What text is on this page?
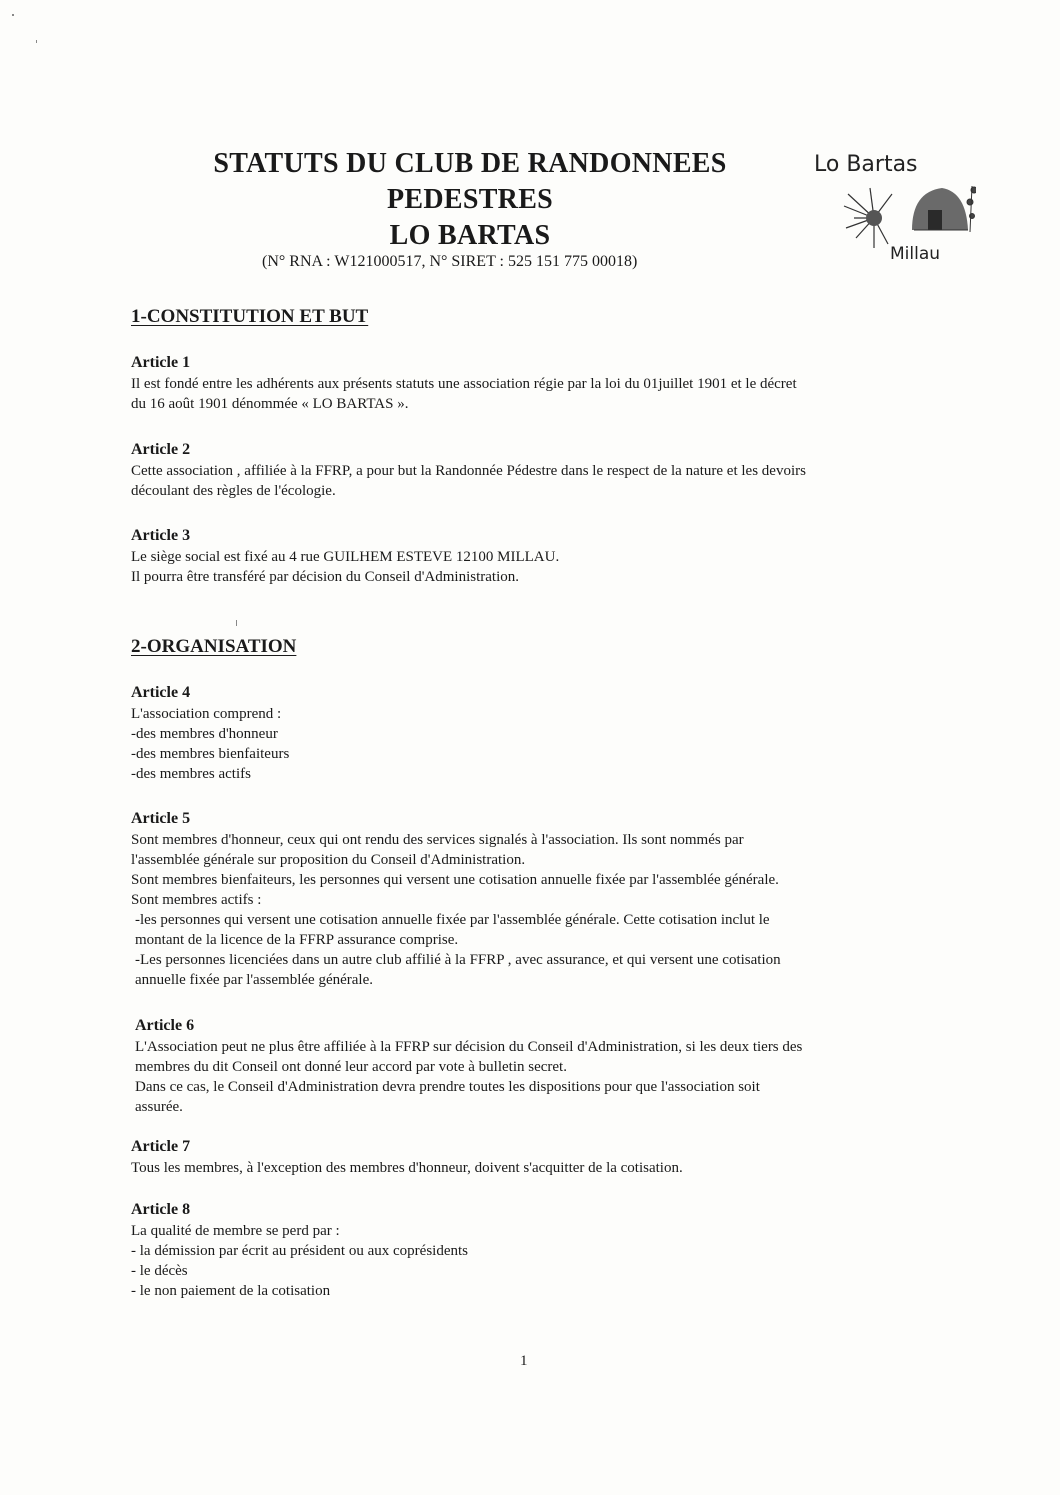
STATUTS DU CLUB DE RANDONNEES
PEDESTRES
LO BARTAS
(N° RNA : W121000517, N° SIRET : 525 151 775 00018)
Lo Bartas
Millau
1-CONSTITUTION ET BUT
Article 1
Il est fondé entre les adhérents aux présents statuts une association régie par la loi du 01juillet 1901 et le décret
du 16 août 1901 dénommée « LO BARTAS ».
Article 2
Cette association , affiliée à la FFRP, a pour but la Randonnée Pédestre dans le respect de la nature et les devoirs
découlant des règles de l'écologie.
Article 3
Le siège social est fixé au 4 rue GUILHEM ESTEVE 12100 MILLAU.
Il pourra être transféré par décision du Conseil d'Administration.
2-ORGANISATION
Article 4
L'association comprend :
-des membres d'honneur
-des membres bienfaiteurs
-des membres actifs
Article 5
Sont membres d'honneur, ceux qui ont rendu des services signalés à l'association. Ils sont nommés par
l'assemblée générale sur proposition du Conseil d'Administration.
Sont membres bienfaiteurs, les personnes qui versent une cotisation annuelle fixée par l'assemblée générale.
Sont membres actifs :
-les personnes qui versent une cotisation annuelle fixée par l'assemblée générale. Cette cotisation inclut le
montant de la licence de la FFRP assurance comprise.
-Les personnes licenciées dans un autre club affilié à la FFRP , avec assurance, et qui versent une cotisation
annuelle fixée par l'assemblée générale.
Article 6
L'Association peut ne plus être affiliée à la FFRP sur décision du Conseil d'Administration, si les deux tiers des
membres du dit Conseil ont donné leur accord par vote à bulletin secret.
Dans ce cas, le Conseil d'Administration devra prendre toutes les dispositions pour que l'association soit
assurée.
Article 7
Tous les membres, à l'exception des membres d'honneur, doivent s'acquitter de la cotisation.
Article 8
La qualité de membre se perd par :
- la démission par écrit au président ou aux coprésidents
- le décès
- le non paiement de la cotisation
1
